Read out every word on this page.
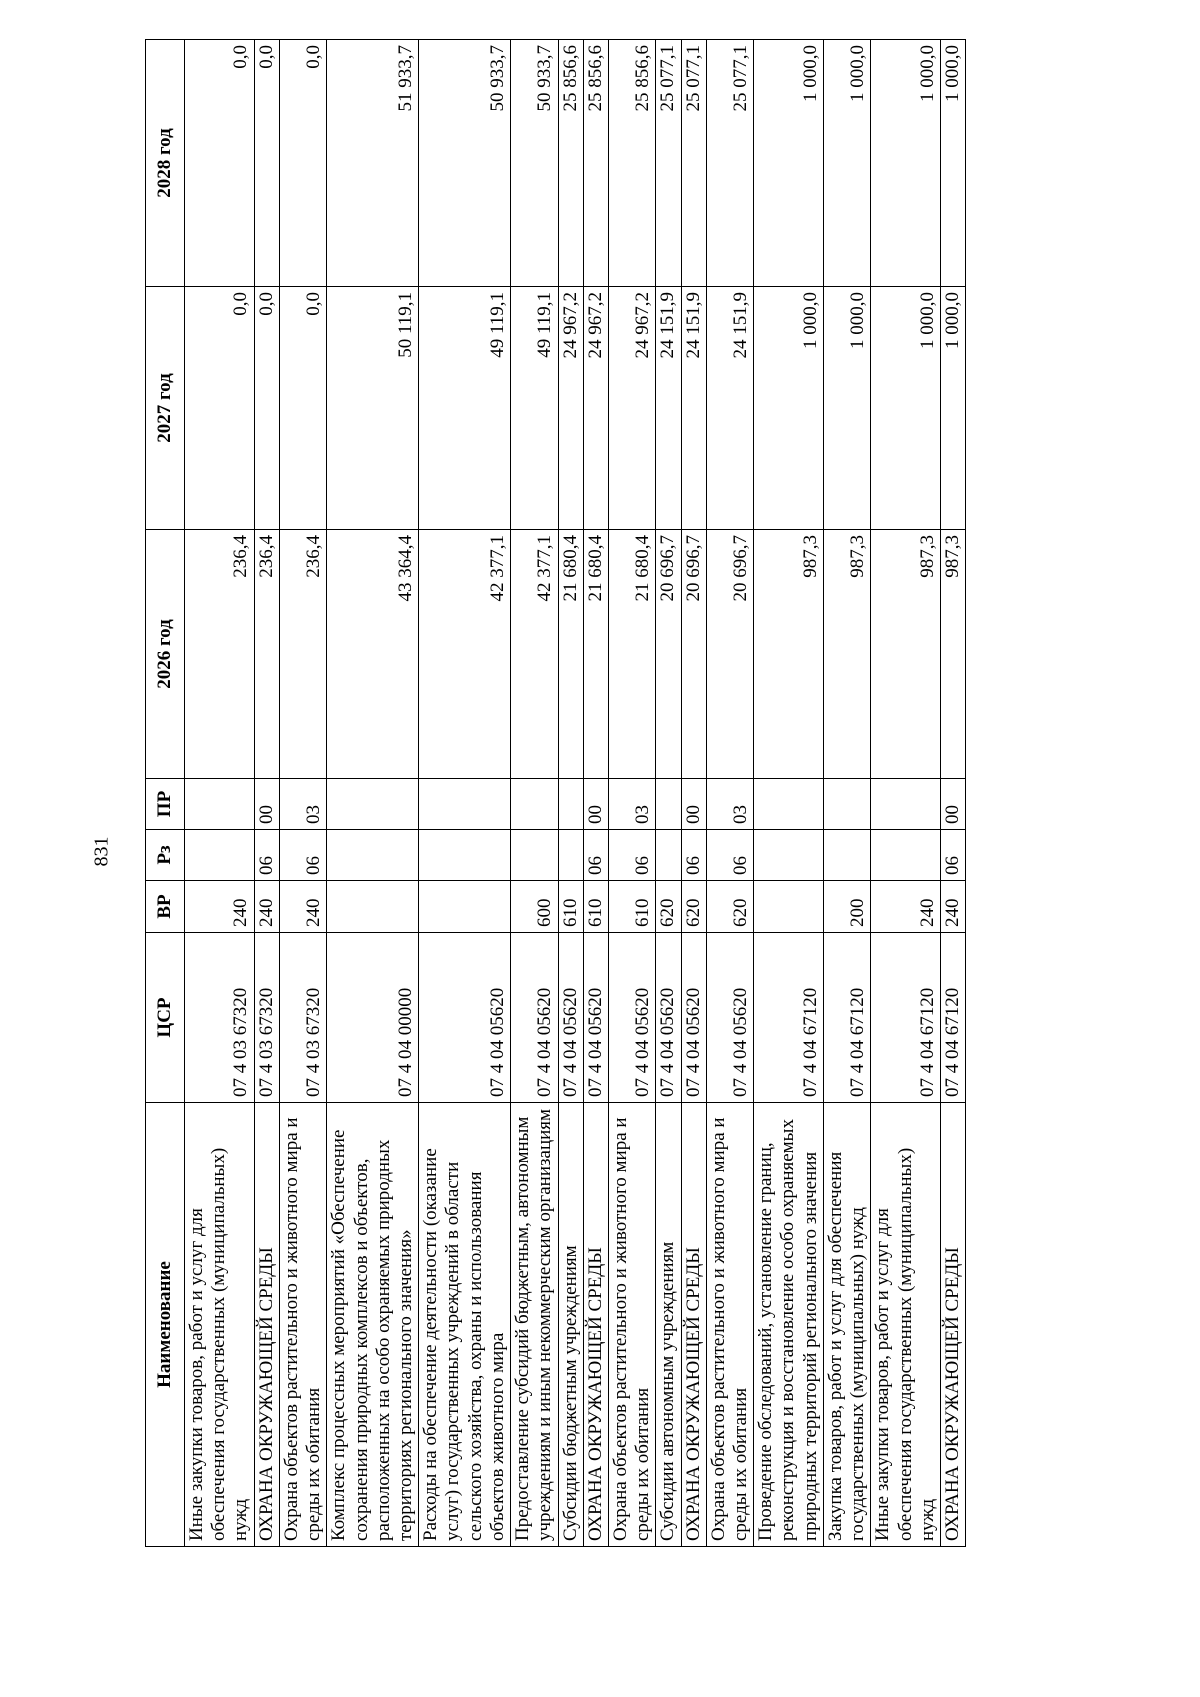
831
Наименование	ЦСР	ВР	Рз	ПР	2026 год	2027 год	2028 год
Иные закупки товаров, работ и услуг для обеспечения государственных (муниципальных) нужд	07 4 03 67320	240			236,4	0,0	0,0
ОХРАНА ОКРУЖАЮЩЕЙ СРЕДЫ	07 4 03 67320	240	06	00	236,4	0,0	0,0
Охрана объектов растительного и животного мира и среды их обитания	07 4 03 67320	240	06	03	236,4	0,0	0,0
Комплекс процессных мероприятий «Обеспечение сохранения природных комплексов и объектов, расположенных на особо охраняемых природных территориях регионального значения»	07 4 04 00000				43 364,4	50 119,1	51 933,7
Расходы на обеспечение деятельности (оказание услуг) государственных учреждений в области сельского хозяйства, охраны и использования объектов животного мира	07 4 04 05620				42 377,1	49 119,1	50 933,7
Предоставление субсидий бюджетным, автономным учреждениям и иным некоммерческим организациям	07 4 04 05620	600			42 377,1	49 119,1	50 933,7
Субсидии бюджетным учреждениям	07 4 04 05620	610			21 680,4	24 967,2	25 856,6
ОХРАНА ОКРУЖАЮЩЕЙ СРЕДЫ	07 4 04 05620	610	06	00	21 680,4	24 967,2	25 856,6
Охрана объектов растительного и животного мира и среды их обитания	07 4 04 05620	610	06	03	21 680,4	24 967,2	25 856,6
Субсидии автономным учреждениям	07 4 04 05620	620			20 696,7	24 151,9	25 077,1
ОХРАНА ОКРУЖАЮЩЕЙ СРЕДЫ	07 4 04 05620	620	06	00	20 696,7	24 151,9	25 077,1
Охрана объектов растительного и животного мира и среды их обитания	07 4 04 05620	620	06	03	20 696,7	24 151,9	25 077,1
Проведение обследований, установление границ, реконструкция и восстановление особо охраняемых природных территорий регионального значения	07 4 04 67120				987,3	1 000,0	1 000,0
Закупка товаров, работ и услуг для обеспечения государственных (муниципальных) нужд	07 4 04 67120	200			987,3	1 000,0	1 000,0
Иные закупки товаров, работ и услуг для обеспечения государственных (муниципальных) нужд	07 4 04 67120	240			987,3	1 000,0	1 000,0
ОХРАНА ОКРУЖАЮЩЕЙ СРЕДЫ	07 4 04 67120	240	06	00	987,3	1 000,0	1 000,0
